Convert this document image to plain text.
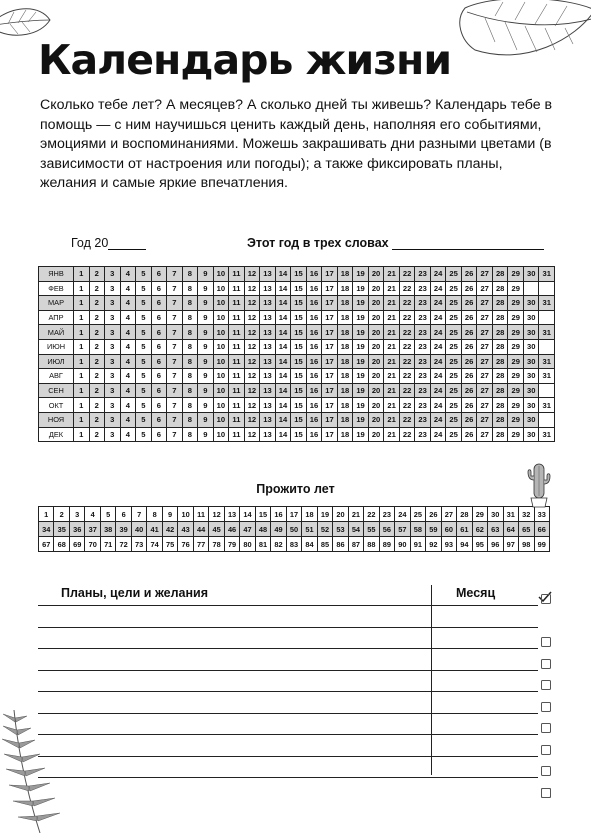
Календарь жизни
Сколько тебе лет? А месяцев? А сколько дней ты живешь? Календарь тебе в помощь — с ним научишься ценить каждый день, наполняя его событиями, эмоциями и воспоминаниями. Можешь закрашивать дни разными цветами (в зависимости от настроения или погоды); а также фиксировать планы, желания и самые яркие впечатления.
Год 20	Этот год в трех словах
ЯНВ	1	2	3	4	5	6	7	8	9	10	11	12	13	14	15	16	17	18	19	20	21	22	23	24	25	26	27	28	29	30	31
ФЕВ	1	2	3	4	5	6	7	8	9	10	11	12	13	14	15	16	17	18	19	20	21	22	23	24	25	26	27	28	29		
МАР	1	2	3	4	5	6	7	8	9	10	11	12	13	14	15	16	17	18	19	20	21	22	23	24	25	26	27	28	29	30	31
АПР	1	2	3	4	5	6	7	8	9	10	11	12	13	14	15	16	17	18	19	20	21	22	23	24	25	26	27	28	29	30	
МАЙ	1	2	3	4	5	6	7	8	9	10	11	12	13	14	15	16	17	18	19	20	21	22	23	24	25	26	27	28	29	30	31
ИЮН	1	2	3	4	5	6	7	8	9	10	11	12	13	14	15	16	17	18	19	20	21	22	23	24	25	26	27	28	29	30	
ИЮЛ	1	2	3	4	5	6	7	8	9	10	11	12	13	14	15	16	17	18	19	20	21	22	23	24	25	26	27	28	29	30	31
АВГ	1	2	3	4	5	6	7	8	9	10	11	12	13	14	15	16	17	18	19	20	21	22	23	24	25	26	27	28	29	30	31
СЕН	1	2	3	4	5	6	7	8	9	10	11	12	13	14	15	16	17	18	19	20	21	22	23	24	25	26	27	28	29	30	
ОКТ	1	2	3	4	5	6	7	8	9	10	11	12	13	14	15	16	17	18	19	20	21	22	23	24	25	26	27	28	29	30	31
НОЯ	1	2	3	4	5	6	7	8	9	10	11	12	13	14	15	16	17	18	19	20	21	22	23	24	25	26	27	28	29	30	
ДЕК	1	2	3	4	5	6	7	8	9	10	11	12	13	14	15	16	17	18	19	20	21	22	23	24	25	26	27	28	29	30	31
Прожито лет
1	2	3	4	5	6	7	8	9	10	11	12	13	14	15	16	17	18	19	20	21	22	23	24	25	26	27	28	29	30	31	32	33
34	35	36	37	38	39	40	41	42	43	44	45	46	47	48	49	50	51	52	53	54	55	56	57	58	59	60	61	62	63	64	65	66
67	68	69	70	71	72	73	74	75	76	77	78	79	80	81	82	83	84	85	86	87	88	89	90	91	92	93	94	95	96	97	98	99
Планы, цели и желания	Месяц
